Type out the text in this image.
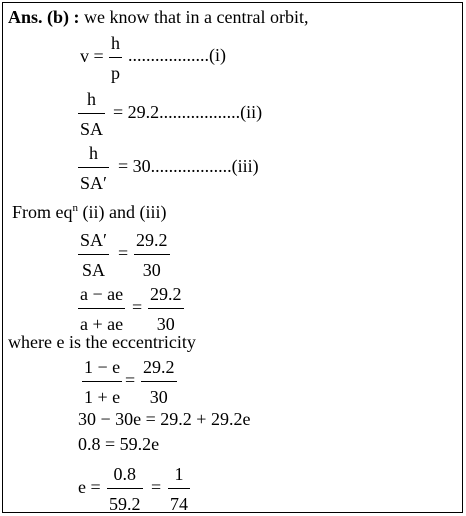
Ans. (b) : we know that in a central orbit,
v =
h
p
..................(i)
h
SA
= 29.2..................(ii)
h
SA′
= 30..................(iii)
From $eq^n$ (ii) and (iii)
SA′
SA
=
29.2
30
a − ae
a + ae
=
29.2
30
where e is the eccentricity
1 − e
1 + e
=
29.2
30
30 − 30e = 29.2 + 29.2e
0.8 = 59.2e
e =
0.8
59.2
=
1
74
